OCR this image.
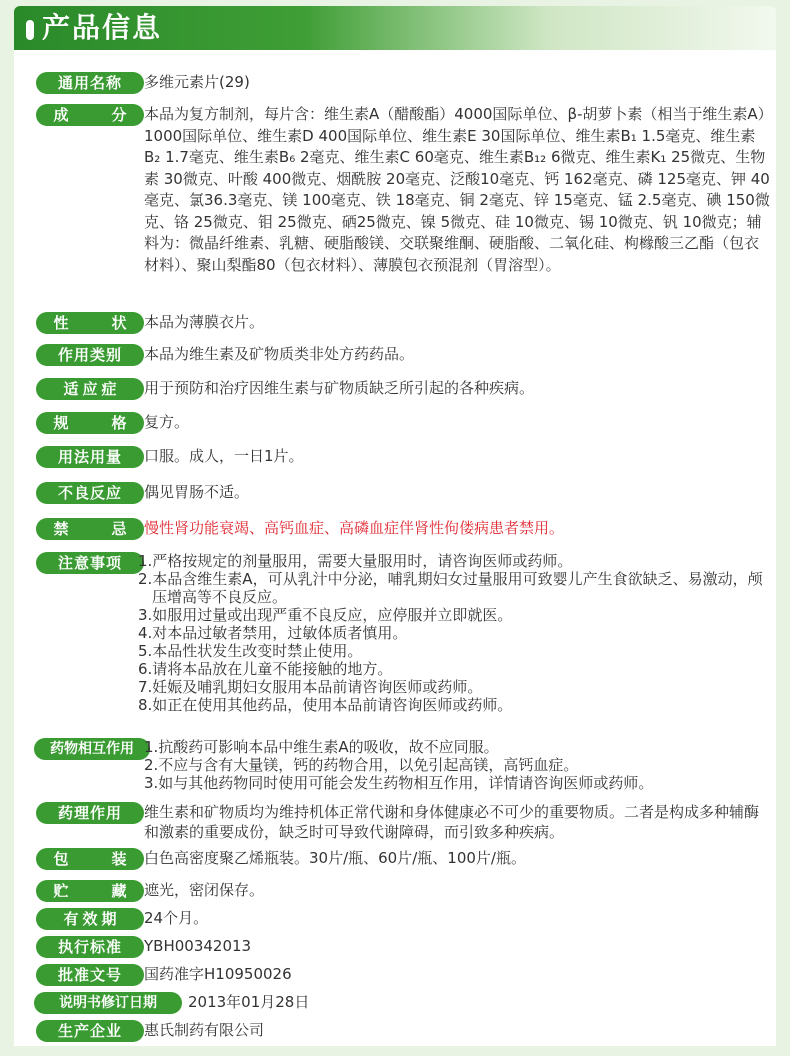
产品信息
通用名称	多维元素片(29)
成　分 本品为复方制剂，每片含：维生素A（醋酸酯）4000国际单位、β-胡萝卜素（相当于维生素A）1000国际单位、维生素D 400国际单位、维生素E 30国际单位、维生素B₁ 1.5毫克、维生素B₂ 1.7毫克、维生素B₆ 2毫克、维生素C 60毫克、维生素B₁₂ 6微克、维生素K₁ 25微克、生物素 30微克、叶酸 400微克、烟酰胺 20毫克、泛酸10毫克、钙 162毫克、磷 125毫克、钾 40毫克、氯36.3毫克、镁 100毫克、铁 18毫克、铜 2毫克、锌 15毫克、锰 2.5毫克、碘 150微克、铬 25微克、钼 25微克、硒25微克、镍 5微克、硅 10微克、锡 10微克、钒 10微克；辅料为：微晶纤维素、乳糖、硬脂酸镁、交联聚维酮、硬脂酸、二氧化硅、枸橼酸三乙酯（包衣材料）、聚山梨酯80（包衣材料）、薄膜包衣预混剂（胃溶型）。
性　状 本品为薄膜衣片。
作用类别	本品为维生素及矿物质类非处方药药品。
适应症	用于预防和治疗因维生素与矿物质缺乏所引起的各种疾病。
规　格 复方。
用法用量	口服。成人，一日1片。
不良反应	偶见胃肠不适。
禁　忌 慢性肾功能衰竭、高钙血症、高磷血症伴肾性佝偻病患者禁用。
注意事项	1.严格按规定的剂量服用，需要大量服用时，请咨询医师或药师。
2.本品含维生素A，可从乳汁中分泌，哺乳期妇女过量服用可致婴儿产生食欲缺乏、易激动，颅压增高等不良反应。
3.如服用过量或出现严重不良反应，应停服并立即就医。
4.对本品过敏者禁用，过敏体质者慎用。
5.本品性状发生改变时禁止使用。
6.请将本品放在儿童不能接触的地方。
7.妊娠及哺乳期妇女服用本品前请咨询医师或药师。
8.如正在使用其他药品，使用本品前请咨询医师或药师。
药物相互作用 1.抗酸药可影响本品中维生素A的吸收，故不应同服。
2.不应与含有大量镁，钙的药物合用，以免引起高镁，高钙血症。
3.如与其他药物同时使用可能会发生药物相互作用，详情请咨询医师或药师。
药理作用	维生素和矿物质均为维持机体正常代谢和身体健康必不可少的重要物质。二者是构成多种辅酶和激素的重要成份，缺乏时可导致代谢障碍，而引致多种疾病。
包　装 白色高密度聚乙烯瓶装。30片/瓶、60片/瓶、100片/瓶。
贮　藏 遮光，密闭保存。
有效期	24个月。
执行标准	YBH00342013
批准文号	国药准字H10950026
说明书修订日期	2013年01月28日
生产企业	惠氏制药有限公司
